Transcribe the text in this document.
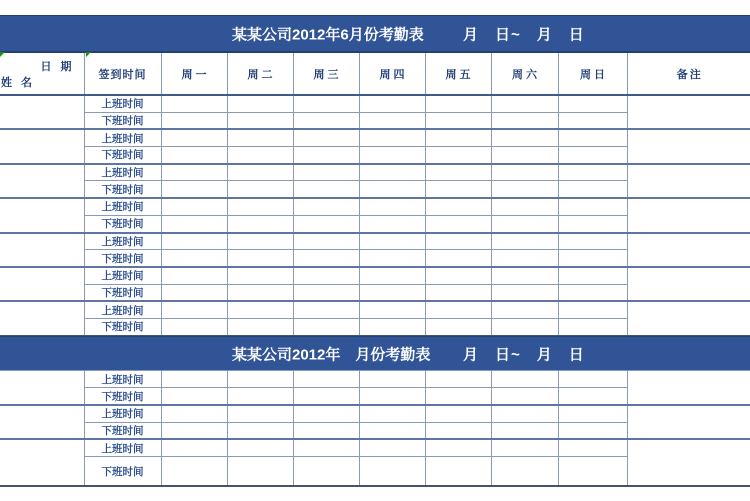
某某公司2012年6月份考勤表	月　日~　月　日
日 期
姓 名	签到时间	周一	周二	周三	周四	周五	周六	周日	备注
	上班时间								
	下班时间								
	上班时间								
	下班时间								
	上班时间								
	下班时间								
	上班时间								
	下班时间								
	上班时间								
	下班时间								
	上班时间								
	下班时间								
	上班时间								
	下班时间								
某某公司2012年　月份考勤表 月　日~　月　日
	上班时间								
	下班时间								
	上班时间								
	下班时间								
	上班时间								
	下班时间								
